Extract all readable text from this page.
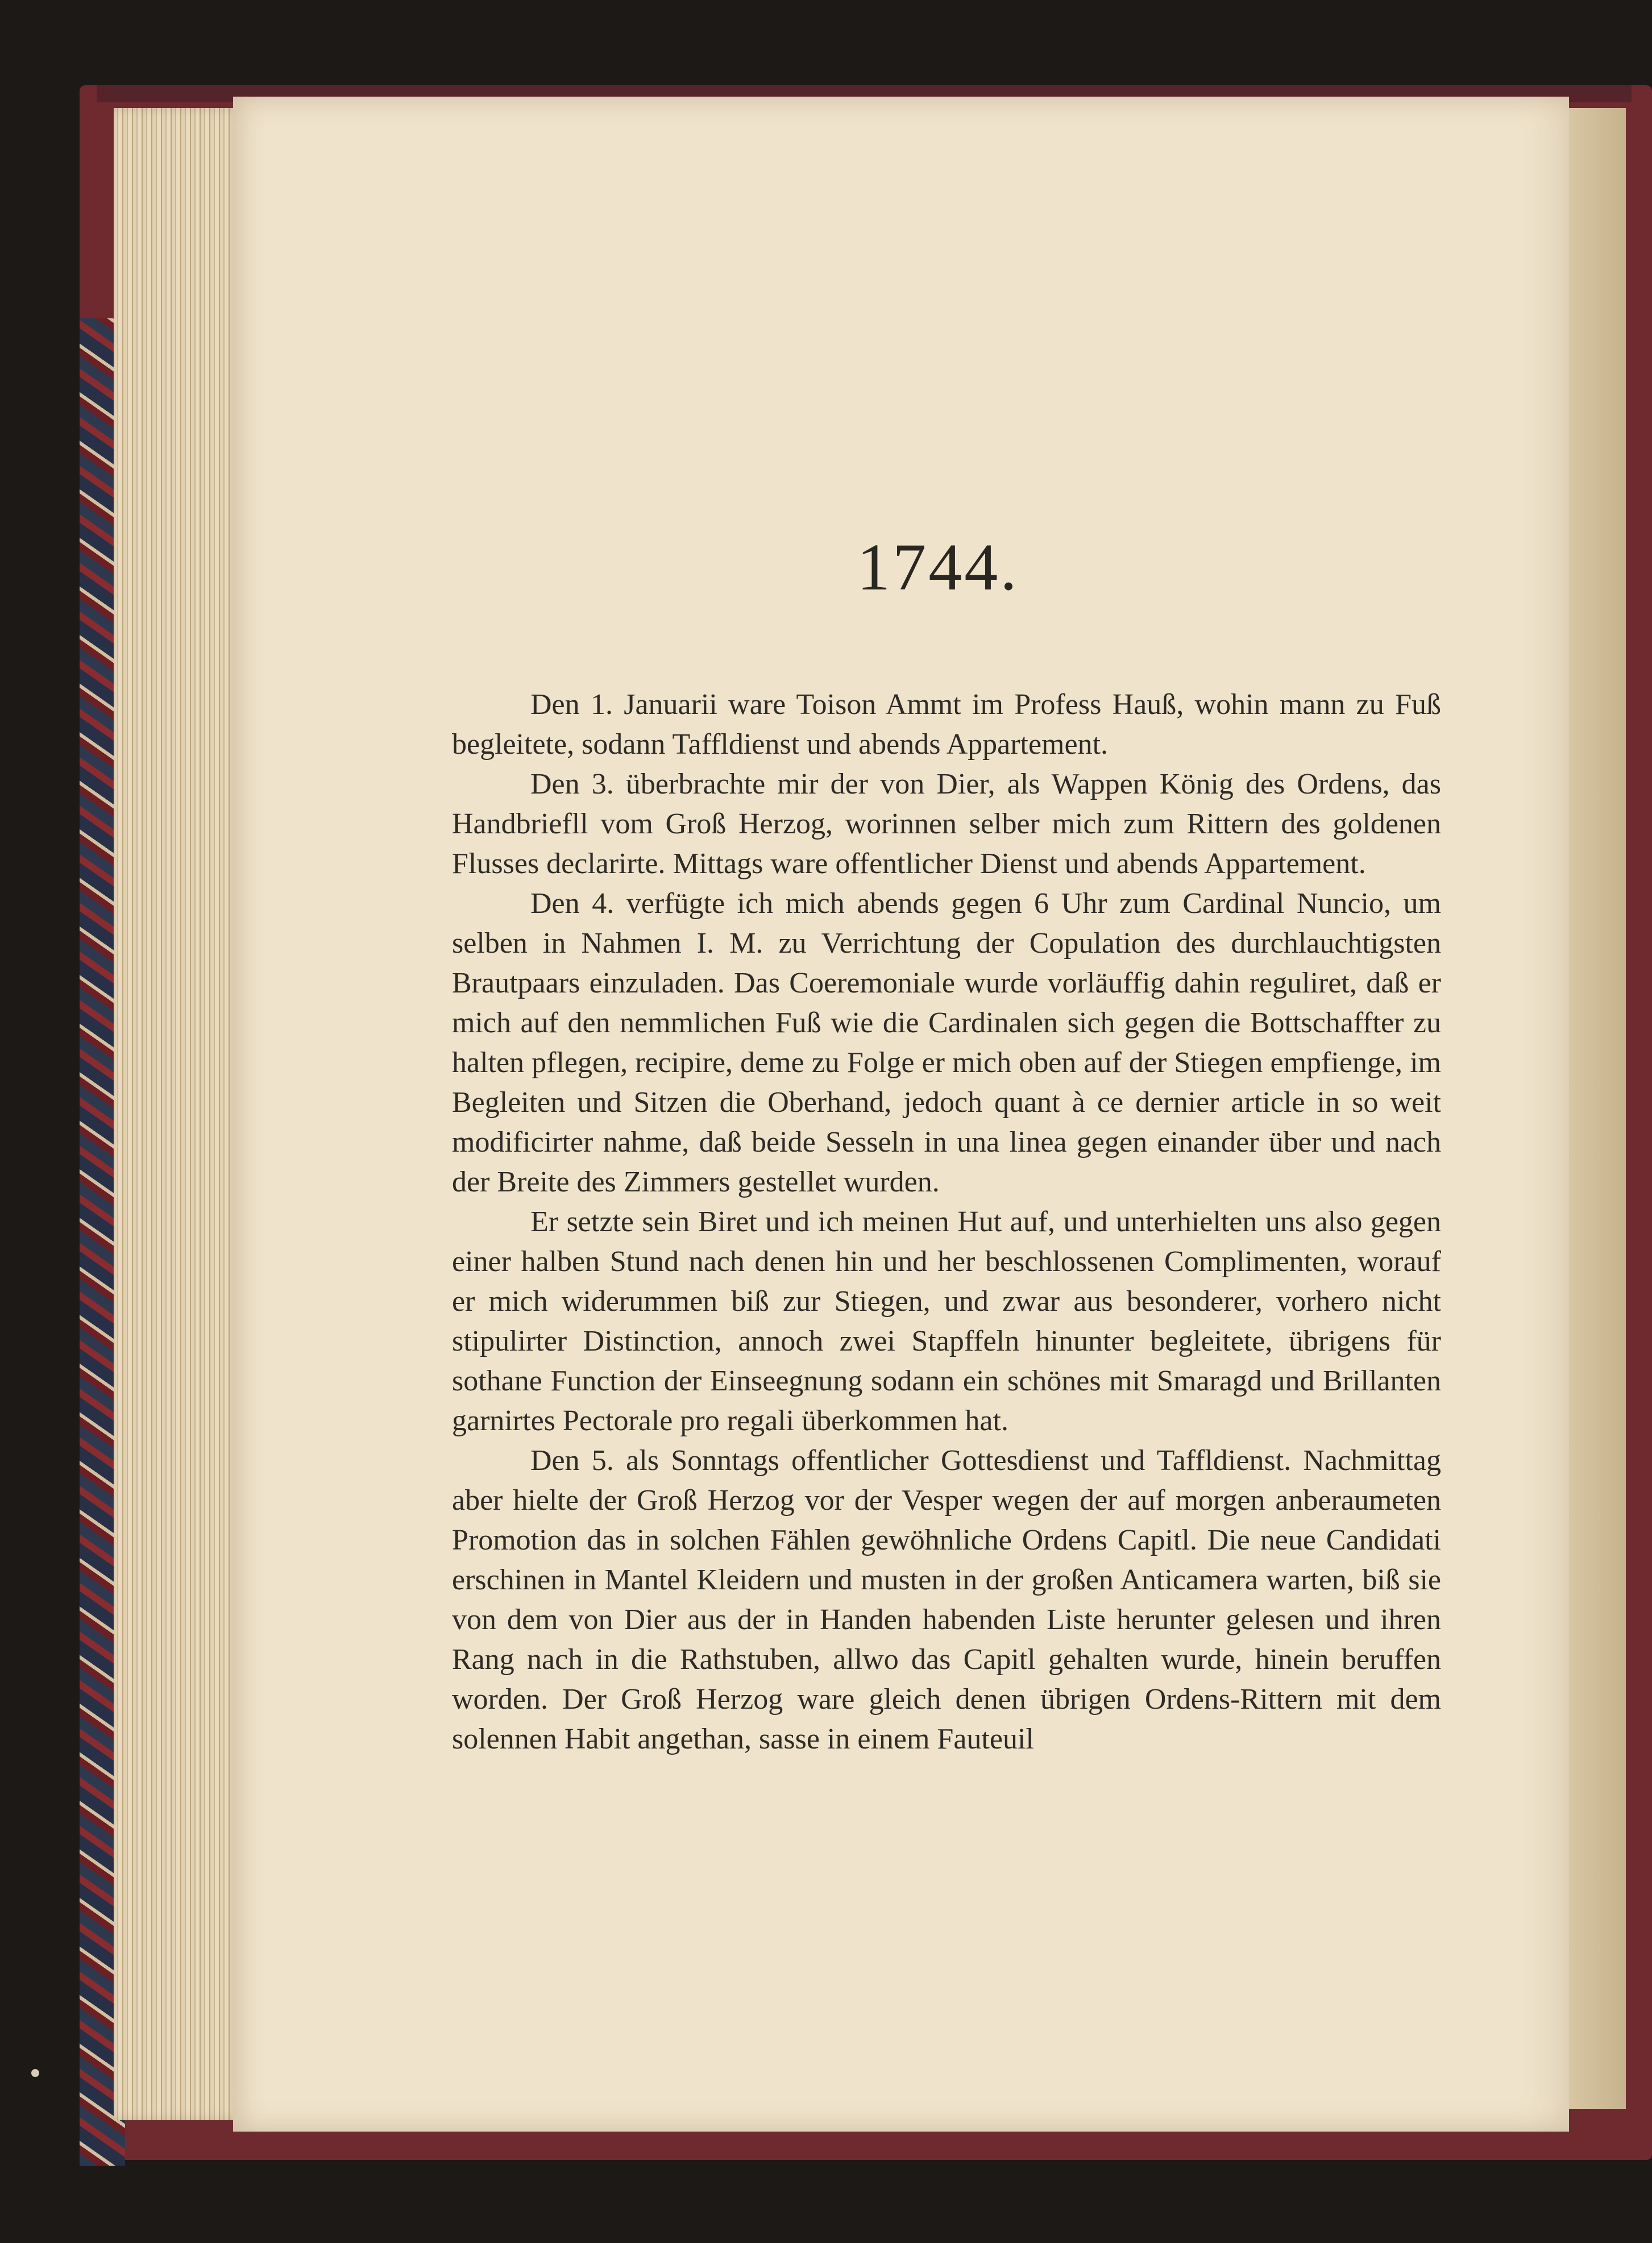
1744.

Den 1. Januarii ware Toison Ammt im Profess Hauß, wohin mann zu Fuß begleitete, sodann Taffldienst und abends Appartement.

Den 3. überbrachte mir der von Dier, als Wappen König des Ordens, das Handbriefll vom Groß Herzog, worinnen selber mich zum Rittern des goldenen Flusses declarirte. Mittags ware offentlicher Dienst und abends Appartement.

Den 4. verfügte ich mich abends gegen 6 Uhr zum Cardinal Nuncio, um selben in Nahmen I. M. zu Verrichtung der Copulation des durchlauchtigsten Brautpaars einzuladen. Das Coeremoniale wurde vorläuffig dahin reguliret, daß er mich auf den nemmlichen Fuß wie die Cardinalen sich gegen die Bottschaffter zu halten pflegen, recipire, deme zu Folge er mich oben auf der Stiegen empfienge, im Begleiten und Sitzen die Oberhand, jedoch quant à ce dernier article in so weit modificirter nahme, daß beide Sesseln in una linea gegen einander über und nach der Breite des Zimmers gestellet wurden.

Er setzte sein Biret und ich meinen Hut auf, und unterhielten uns also gegen einer halben Stund nach denen hin und her beschlossenen Complimenten, worauf er mich widerummen biß zur Stiegen, und zwar aus besonderer, vorhero nicht stipulirter Distinction, annoch zwei Stapffeln hinunter begleitete, übrigens für sothane Function der Einseegnung sodann ein schönes mit Smaragd und Brillanten garnirtes Pectorale pro regali überkommen hat.

Den 5. als Sonntags offentlicher Gottesdienst und Taffldienst. Nachmittag aber hielte der Groß Herzog vor der Vesper wegen der auf morgen anberaumeten Promotion das in solchen Fählen gewöhnliche Ordens Capitl. Die neue Candidati erschinen in Mantel Kleidern und musten in der großen Anticamera warten, biß sie von dem von Dier aus der in Handen habenden Liste herunter gelesen und ihren Rang nach in die Rathstuben, allwo das Capitl gehalten wurde, hinein beruffen worden. Der Groß Herzog ware gleich denen übrigen Ordens-Rittern mit dem solennen Habit angethan, sasse in einem Fauteuil
